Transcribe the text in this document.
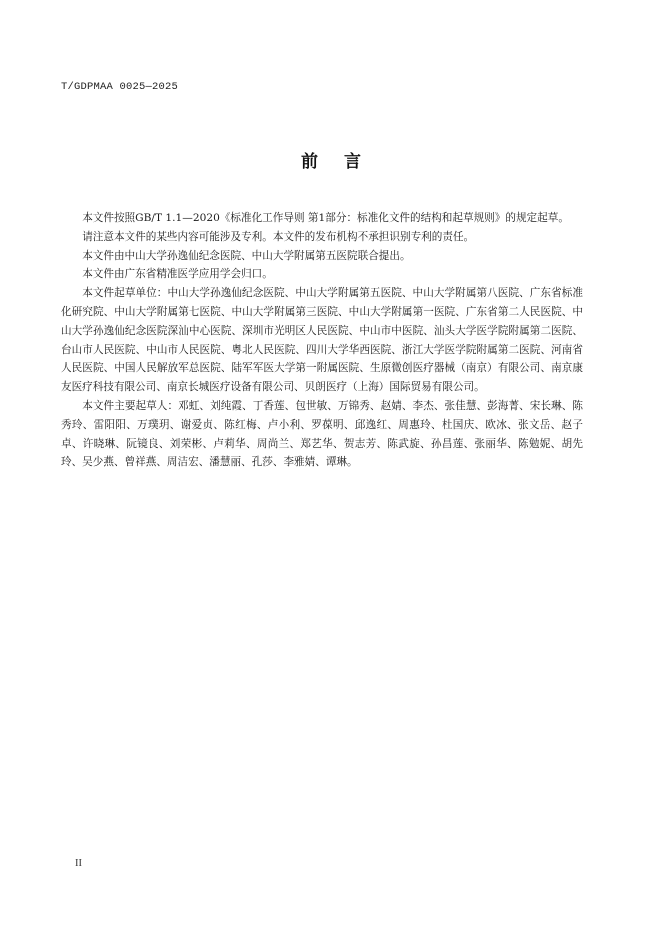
T/GDPMAA 0025—2025
前 言

本文件按照GB/T 1.1—2020《标准化工作导则 第1部分：标准化文件的结构和起草规则》的规定起草。

请注意本文件的某些内容可能涉及专利。本文件的发布机构不承担识别专利的责任。

本文件由中山大学孙逸仙纪念医院、中山大学附属第五医院联合提出。

本文件由广东省精准医学应用学会归口。

本文件起草单位：中山大学孙逸仙纪念医院、中山大学附属第五医院、中山大学附属第八医院、广东省标准化研究院、中山大学附属第七医院、中山大学附属第三医院、中山大学附属第一医院、广东省第二人民医院、中山大学孙逸仙纪念医院深汕中心医院、深圳市光明区人民医院、中山市中医院、汕头大学医学院附属第二医院、台山市人民医院、中山市人民医院、粤北人民医院、四川大学华西医院、浙江大学医学院附属第二医院、河南省人民医院、中国人民解放军总医院、陆军军医大学第一附属医院、生原微创医疗器械（南京）有限公司、南京康友医疗科技有限公司、南京长城医疗设备有限公司、贝朗医疗（上海）国际贸易有限公司。

本文件主要起草人：邓虹、刘纯霞、丁香莲、包世敏、万锦秀、赵婧、李杰、张佳慧、彭海菁、宋长琳、陈秀玲、雷阳阳、万璞玥、谢爱贞、陈红梅、卢小利、罗葆明、邱逸红、周惠玲、杜国庆、欧冰、张文岳、赵子卓、许晓琳、阮镜良、刘荣彬、卢莉华、周尚兰、郑艺华、贺志芳、陈武旋、孙昌莲、张丽华、陈勉妮、胡先玲、吴少燕、曾祥燕、周洁宏、潘慧丽、孔莎、李雅婧、谭琳。

II
